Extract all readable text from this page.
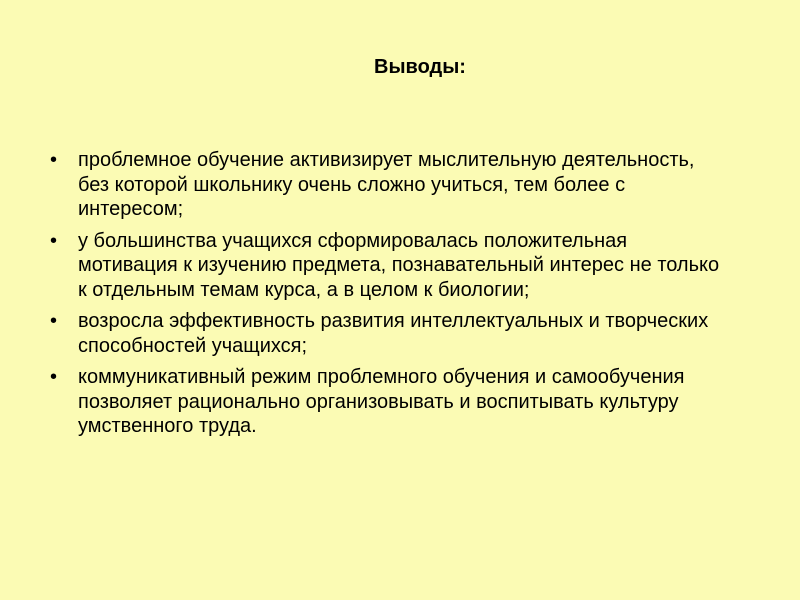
Выводы:
• проблемное обучение активизирует мыслительную деятельность, без которой школьнику очень сложно учиться, тем более с интересом;
• у большинства учащихся сформировалась положительная мотивация к изучению предмета, познавательный интерес не только к отдельным темам курса, а в целом к биологии;
• возросла эффективность развития интеллектуальных и творческих способностей учащихся;
• коммуникативный режим проблемного обучения и самообучения позволяет рационально организовывать и воспитывать культуру умственного труда.
